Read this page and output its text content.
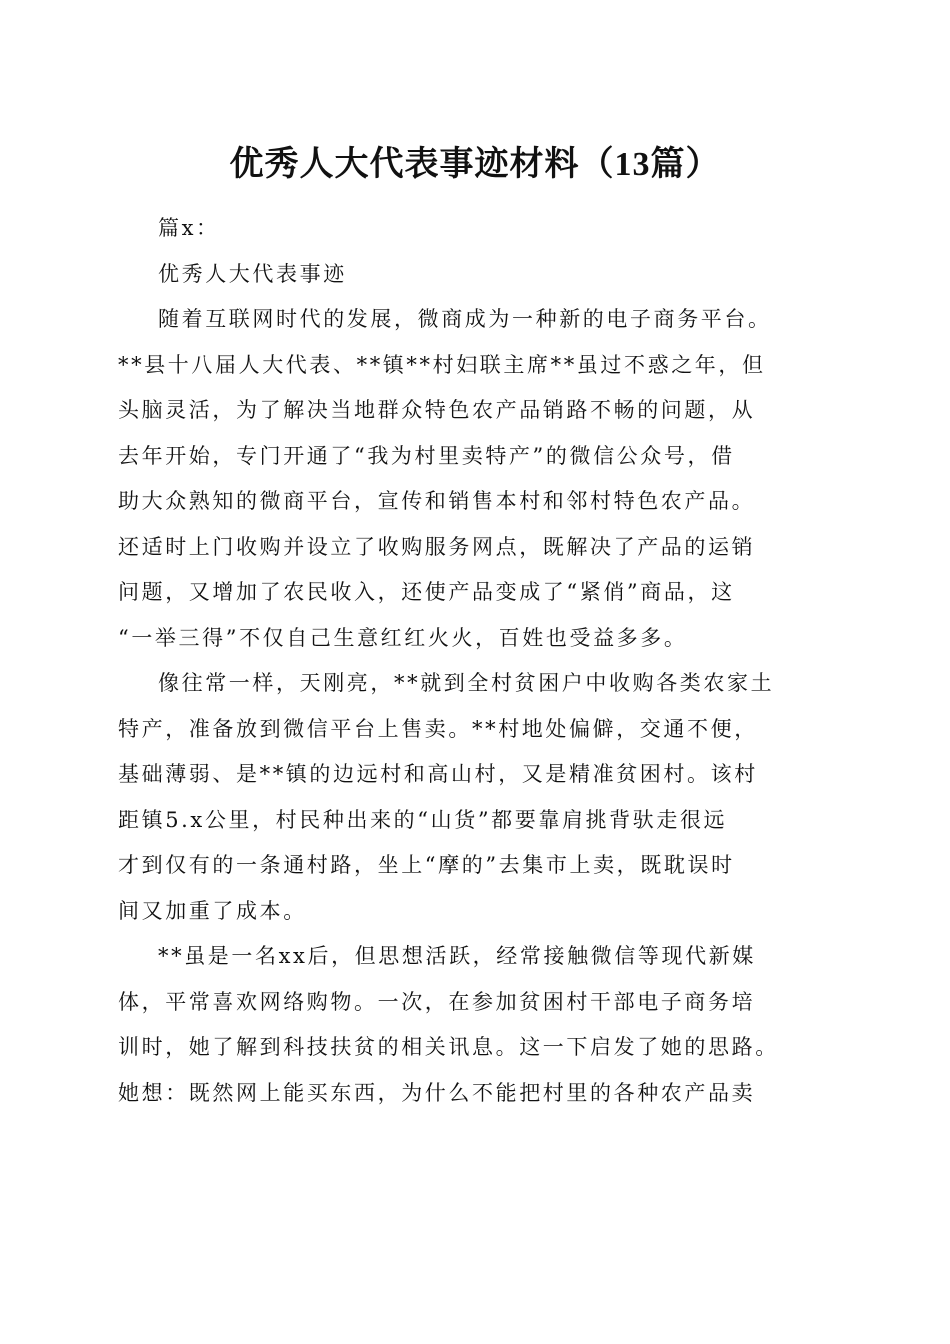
优秀人大代表事迹材料（13篇）
篇x：
优秀人大代表事迹
随着互联网时代的发展，微商成为一种新的电子商务平台。
**县十八届人大代表、**镇**村妇联主席**虽过不惑之年，但
头脑灵活，为了解决当地群众特色农产品销路不畅的问题，从
去年开始，专门开通了“我为村里卖特产”的微信公众号，借
助大众熟知的微商平台，宣传和销售本村和邻村特色农产品。
还适时上门收购并设立了收购服务网点，既解决了产品的运销
问题，又增加了农民收入，还使产品变成了“紧俏”商品，这
“一举三得”不仅自己生意红红火火，百姓也受益多多。
像往常一样，天刚亮，**就到全村贫困户中收购各类农家土
特产，准备放到微信平台上售卖。**村地处偏僻，交通不便，
基础薄弱、是**镇的边远村和高山村，又是精准贫困村。该村
距镇5.x公里，村民种出来的“山货”都要靠肩挑背驮走很远
才到仅有的一条通村路，坐上“摩的”去集市上卖，既耽误时
间又加重了成本。
**虽是一名xx后，但思想活跃，经常接触微信等现代新媒
体，平常喜欢网络购物。一次，在参加贫困村干部电子商务培
训时，她了解到科技扶贫的相关讯息。这一下启发了她的思路。
她想：既然网上能买东西，为什么不能把村里的各种农产品卖
